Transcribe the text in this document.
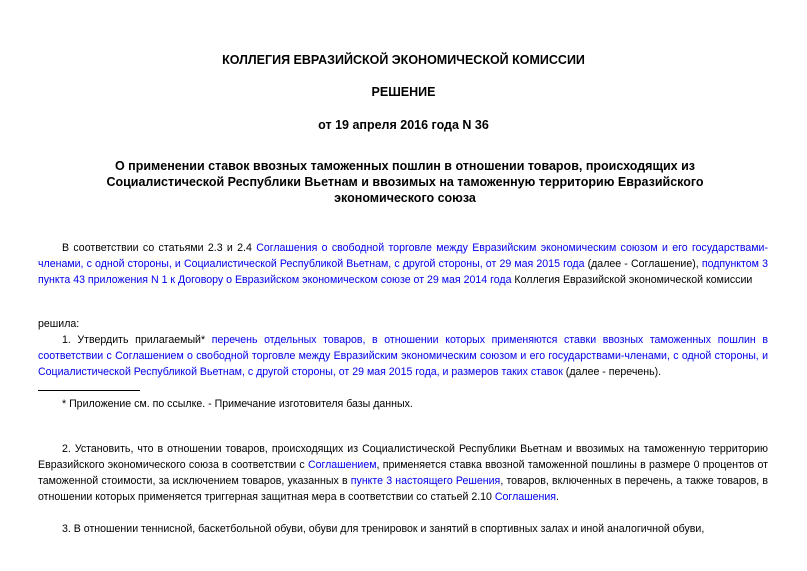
КОЛЛЕГИЯ ЕВРАЗИЙСКОЙ ЭКОНОМИЧЕСКОЙ КОМИССИИ
РЕШЕНИЕ
от 19 апреля 2016 года N 36
О применении ставок ввозных таможенных пошлин в отношении товаров, происходящих из Социалистической Республики Вьетнам и ввозимых на таможенную территорию Евразийского экономического союза
В соответствии со статьями 2.3 и 2.4 Соглашения о свободной торговле между Евразийским экономическим союзом и его государствами-членами, с одной стороны, и Социалистической Республикой Вьетнам, с другой стороны, от 29 мая 2015 года (далее - Соглашение), подпунктом 3 пункта 43 приложения N 1 к Договору о Евразийском экономическом союзе от 29 мая 2014 года Коллегия Евразийской экономической комиссии
решила:
1. Утвердить прилагаемый* перечень отдельных товаров, в отношении которых применяются ставки ввозных таможенных пошлин в соответствии с Соглашением о свободной торговле между Евразийским экономическим союзом и его государствами-членами, с одной стороны, и Социалистической Республикой Вьетнам, с другой стороны, от 29 мая 2015 года, и размеров таких ставок (далее - перечень).
* Приложение см. по ссылке. - Примечание изготовителя базы данных.
2. Установить, что в отношении товаров, происходящих из Социалистической Республики Вьетнам и ввозимых на таможенную территорию Евразийского экономического союза в соответствии с Соглашением, применяется ставка ввозной таможенной пошлины в размере 0 процентов от таможенной стоимости, за исключением товаров, указанных в пункте 3 настоящего Решения, товаров, включенных в перечень, а также товаров, в отношении которых применяется триггерная защитная мера в соответствии со статьей 2.10 Соглашения.
3. В отношении теннисной, баскетбольной обуви, обуви для тренировок и занятий в спортивных залах и иной аналогичной обуви,
